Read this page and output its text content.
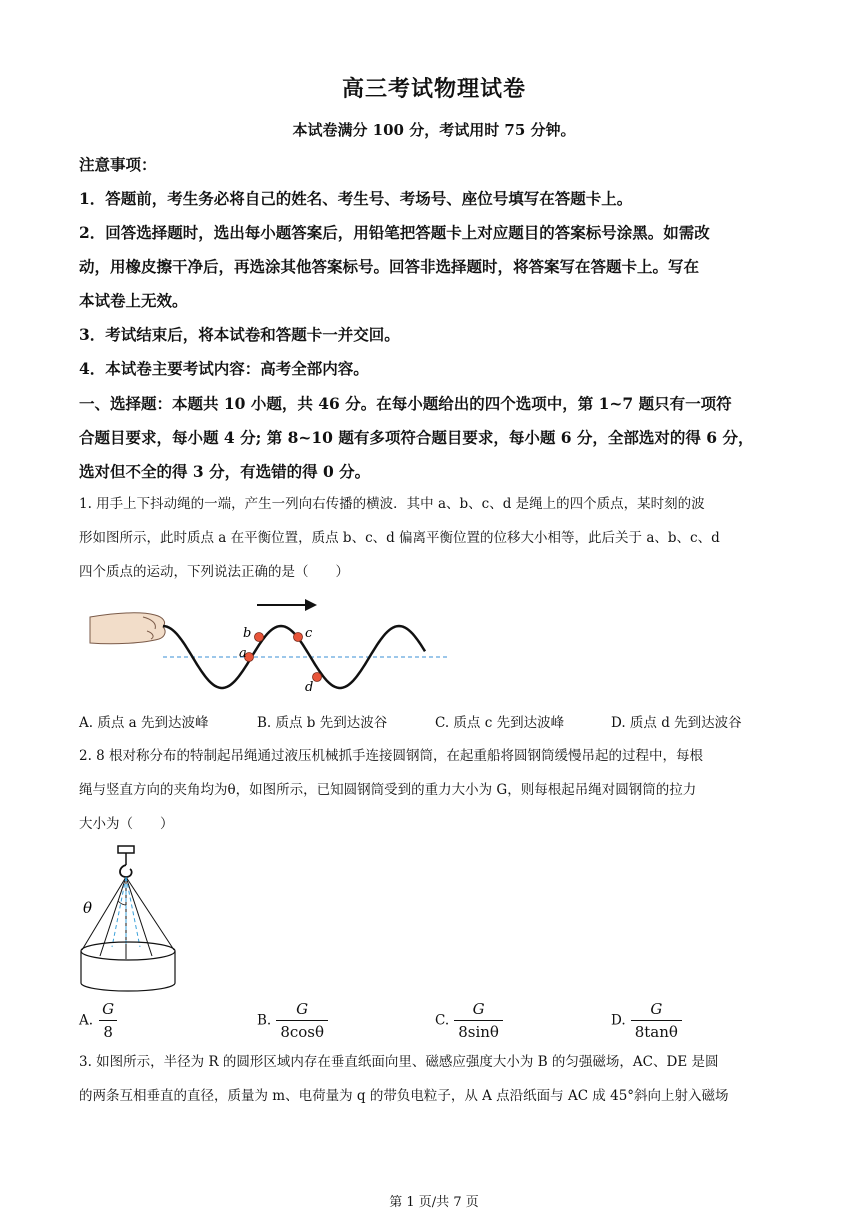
高三考试物理试卷
本试卷满分 100 分，考试用时 75 分钟。
注意事项：
1．答题前，考生务必将自己的姓名、考生号、考场号、座位号填写在答题卡上。
2．回答选择题时，选出每小题答案后，用铅笔把答题卡上对应题目的答案标号涂黑。如需改
动，用橡皮擦干净后，再选涂其他答案标号。回答非选择题时，将答案写在答题卡上。写在
本试卷上无效。
3．考试结束后，将本试卷和答题卡一并交回。
4．本试卷主要考试内容：高考全部内容。
一、选择题：本题共 10 小题，共 46 分。在每小题给出的四个选项中，第 1~7 题只有一项符
合题目要求，每小题 4 分; 第 8~10 题有多项符合题目要求，每小题 6 分，全部选对的得 6 分，
选对但不全的得 3 分，有选错的得 0 分。
1. 用手上下抖动绳的一端，产生一列向右传播的横波．其中 a、b、c、d 是绳上的四个质点，某时刻的波
形如图所示，此时质点 a 在平衡位置，质点 b、c、d 偏离平衡位置的位移大小相等，此后关于 a、b、c、d
四个质点的运动，下列说法正确的是（　　）
a
b	c
d
A. 质点 a 先到达波峰	B. 质点 b 先到达波谷	C. 质点 c 先到达波峰	D. 质点 d 先到达波谷
2. 8 根对称分布的特制起吊绳通过液压机械抓手连接圆钢筒，在起重船将圆钢筒缓慢吊起的过程中，每根
绳与竖直方向的夹角均为θ，如图所示，已知圆钢筒受到的重力大小为 G，则每根起吊绳对圆钢筒的拉力
大小为（　　）
θ
A. $\frac{G}{8}$	B. $\frac{G}{8\cos\theta}$	C. $\frac{G}{8\sin\theta}$	D. $\frac{G}{8\tan\theta}$
3. 如图所示，半径为 R 的圆形区域内存在垂直纸面向里、磁感应强度大小为 B 的匀强磁场，AC、DE 是圆
的两条互相垂直的直径，质量为 m、电荷量为 q 的带负电粒子，从 A 点沿纸面与 AC 成 45°斜向上射入磁场
第 1 页/共 7 页
